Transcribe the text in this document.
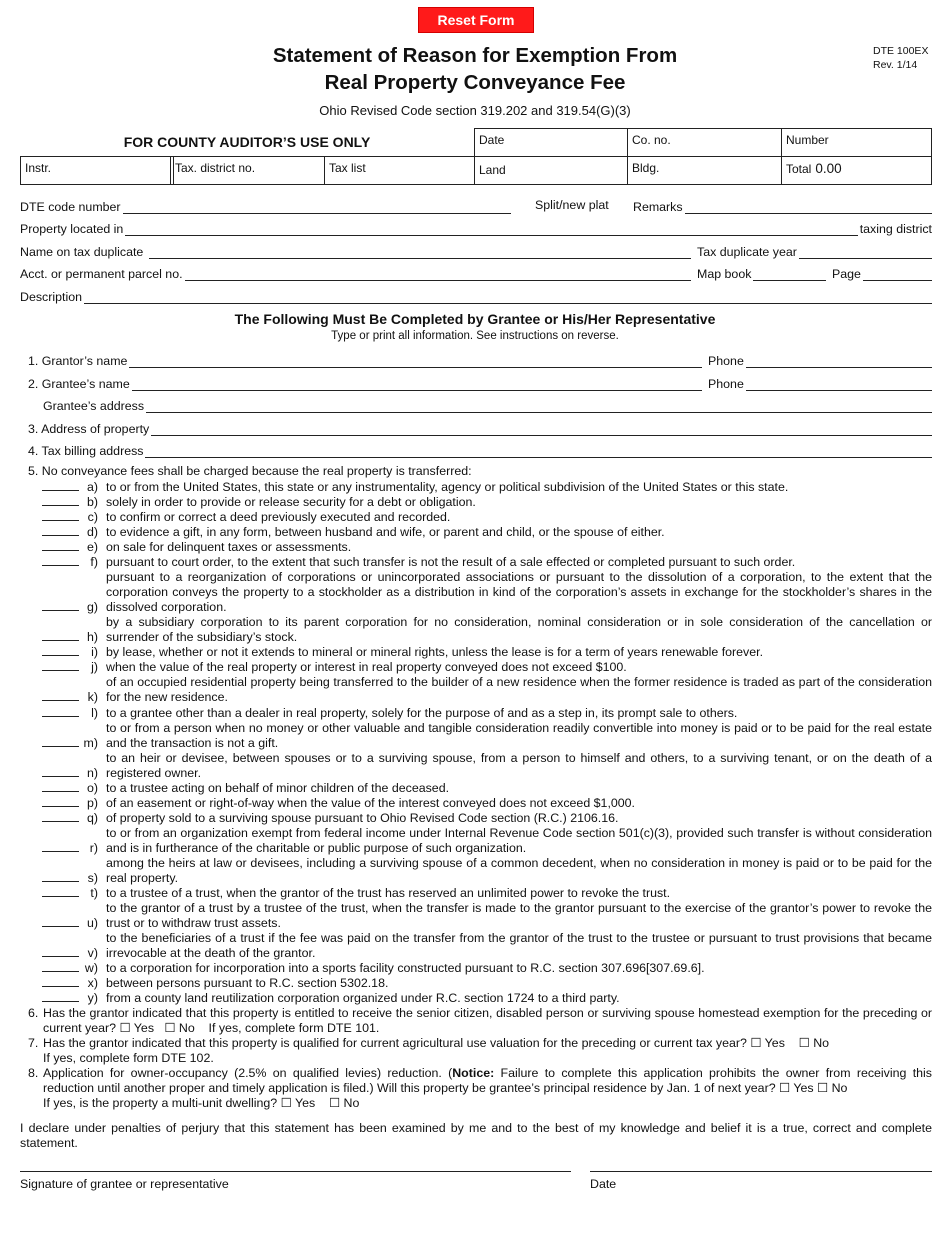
Reset Form
Statement of Reason for Exemption From
Real Property Conveyance Fee
DTE 100EX
Rev. 1/14
Ohio Revised Code section 319.202 and 319.54(G)(3)
FOR COUNTY AUDITOR’S USE ONLY	Date	Co. no.	Number
Instr.	Tax. district no.	Tax list	Land	Bldg.	Total 0.00
DTE code number	Split/new plat Remarks
Property located in	taxing district
Name on tax duplicate	Tax duplicate year
Acct. or permanent parcel no.	Map book	Page
Description
The Following Must Be Completed by Grantee or His/Her Representative
Type or print all information. See instructions on reverse.
1. Grantor’s name	Phone
2. Grantee’s name	Phone
Grantee’s address
3. Address of property
4. Tax billing address
5. No conveyance fees shall be charged because the real property is transferred:
a) to or from the United States, this state or any instrumentality, agency or political subdivision of the United States or this state.
b) solely in order to provide or release security for a debt or obligation.
c) to confirm or correct a deed previously executed and recorded.
d) to evidence a gift, in any form, between husband and wife, or parent and child, or the spouse of either.
e) on sale for delinquent taxes or assessments.
f) pursuant to court order, to the extent that such transfer is not the result of a sale effected or completed pursuant to such order.
g)
pursuant to a reorganization of corporations or unincorporated associations or pursuant to the dissolution of a corporation, to the extent that the corporation conveys the property to a stockholder as a distribution in kind of the corporation’s assets in exchange for the stockholder’s shares in the dissolved corporation.
h)
by a subsidiary corporation to its parent corporation for no consideration, nominal consideration or in sole consideration of the cancellation or surrender of the subsidiary’s stock.
i) by lease, whether or not it extends to mineral or mineral rights, unless the lease is for a term of years renewable forever.
j) when the value of the real property or interest in real property conveyed does not exceed $100.
k)
of an occupied residential property being transferred to the builder of a new residence when the former residence is traded as part of the consideration for the new residence.
l) to a grantee other than a dealer in real property, solely for the purpose of and as a step in, its prompt sale to others.
m)
to or from a person when no money or other valuable and tangible consideration readily convertible into money is paid or to be paid for the real estate and the transaction is not a gift.
n)
to an heir or devisee, between spouses or to a surviving spouse, from a person to himself and others, to a surviving tenant, or on the death of a registered owner.
o) to a trustee acting on behalf of minor children of the deceased.
p) of an easement or right-of-way when the value of the interest conveyed does not exceed $1,000.
q) of property sold to a surviving spouse pursuant to Ohio Revised Code section (R.C.) 2106.16.
r)
to or from an organization exempt from federal income under Internal Revenue Code section 501(c)(3), provided such transfer is without consideration and is in furtherance of the charitable or public purpose of such organization.
s)
among the heirs at law or devisees, including a surviving spouse of a common decedent, when no consideration in money is paid or to be paid for the real property.
t) to a trustee of a trust, when the grantor of the trust has reserved an unlimited power to revoke the trust.
u)
to the grantor of a trust by a trustee of the trust, when the transfer is made to the grantor pursuant to the exercise of the grantor’s power to revoke the trust or to withdraw trust assets.
v)
to the beneficiaries of a trust if the fee was paid on the transfer from the grantor of the trust to the trustee or pursuant to trust provisions that became irrevocable at the death of the grantor.
w) to a corporation for incorporation into a sports facility constructed pursuant to R.C. section 307.696[307.69.6].
x) between persons pursuant to R.C. section 5302.18.
y) from a county land reutilization corporation organized under R.C. section 1724 to a third party.
6. Has the grantor indicated that this property is entitled to receive the senior citizen, disabled person or surviving spouse homestead exemption for the preceding or current year? ☐ Yes ☐ No If yes, complete form DTE 101.
7. Has the grantor indicated that this property is qualified for current agricultural use valuation for the preceding or current tax year? ☐ Yes ☐ No
If yes, complete form DTE 102.
8. Application for owner-occupancy (2.5% on qualified levies) reduction. (Notice: Failure to complete this application prohibits the owner from receiving this reduction until another proper and timely application is filed.) Will this property be grantee’s principal residence by Jan. 1 of next year? ☐ Yes ☐ No
If yes, is the property a multi-unit dwelling? ☐ Yes ☐ No
I declare under penalties of perjury that this statement has been examined by me and to the best of my knowledge and belief it is a true, correct and complete statement.
Signature of grantee or representative	Date
